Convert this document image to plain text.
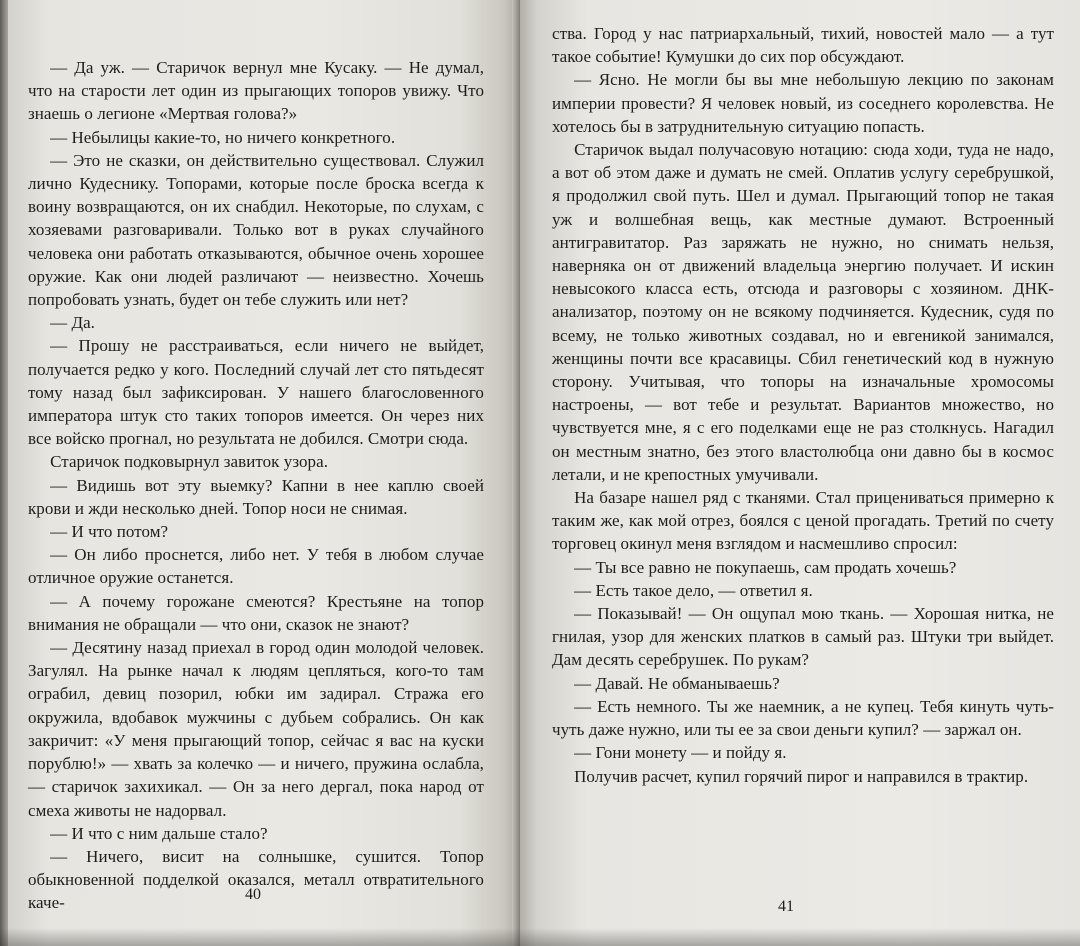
— Да уж. — Старичок вернул мне Кусаку. — Не думал, что на старости лет один из прыгающих топоров увижу. Что знаешь о легионе «Мертвая голова?»

— Небылицы какие-то, но ничего конкретного.

— Это не сказки, он действительно существовал. Служил лично Кудеснику. Топорами, которые после броска всегда к воину возвращаются, он их снабдил. Некоторые, по слухам, с хозяевами разговаривали. Только вот в руках случайного человека они работать отказываются, обычное очень хорошее оружие. Как они людей различают — неизвестно. Хочешь попробовать узнать, будет он тебе служить или нет?

— Да.

— Прошу не расстраиваться, если ничего не выйдет, получается редко у кого. Последний случай лет сто пятьдесят тому назад был зафиксирован. У нашего благословенного императора штук сто таких топоров имеется. Он через них все войско прогнал, но результата не добился. Смотри сюда.

Старичок подковырнул завиток узора.

— Видишь вот эту выемку? Капни в нее каплю своей крови и жди несколько дней. Топор носи не снимая.

— И что потом?

— Он либо проснется, либо нет. У тебя в любом случае отличное оружие останется.

— А почему горожане смеются? Крестьяне на топор внимания не обращали — что они, сказок не знают?

— Десятину назад приехал в город один молодой человек. Загулял. На рынке начал к людям цепляться, кого-то там ограбил, девиц позорил, юбки им задирал. Стража его окружила, вдобавок мужчины с дубьем собрались. Он как закричит: «У меня прыгающий топор, сейчас я вас на куски порублю!» — хвать за колечко — и ничего, пружина ослабла, — старичок захихикал. — Он за него дергал, пока народ от смеха животы не надорвал.

— И что с ним дальше стало?

— Ничего, висит на солнышке, сушится. Топор обыкновенной подделкой оказался, металл отвратительного каче-	40

ства. Город у нас патриархальный, тихий, новостей мало — а тут такое событие! Кумушки до сих пор обсуждают.

— Ясно. Не могли бы вы мне небольшую лекцию по законам империи провести? Я человек новый, из соседнего королевства. Не хотелось бы в затруднительную ситуацию попасть.

Старичок выдал получасовую нотацию: сюда ходи, туда не надо, а вот об этом даже и думать не смей. Оплатив услугу серебрушкой, я продолжил свой путь. Шел и думал. Прыгающий топор не такая уж и волшебная вещь, как местные думают. Встроенный антигравитатор. Раз заряжать не нужно, но снимать нельзя, наверняка он от движений владельца энергию получает. И искин невысокого класса есть, отсюда и разговоры с хозяином. ДНК-анализатор, поэтому он не всякому подчиняется. Кудесник, судя по всему, не только животных создавал, но и евгеникой занимался, женщины почти все красавицы. Сбил генетический код в нужную сторону. Учитывая, что топоры на изначальные хромосомы настроены, — вот тебе и результат. Вариантов множество, но чувствуется мне, я с его поделками еще не раз столкнусь. Нагадил он местным знатно, без этого властолюбца они давно бы в космос летали, и не крепостных умучивали.

На базаре нашел ряд с тканями. Стал прицениваться примерно к таким же, как мой отрез, боялся с ценой прогадать. Третий по счету торговец окинул меня взглядом и насмешливо спросил:

— Ты все равно не покупаешь, сам продать хочешь?

— Есть такое дело, — ответил я.

— Показывай! — Он ощупал мою ткань. — Хорошая нитка, не гнилая, узор для женских платков в самый раз. Штуки три выйдет. Дам десять серебрушек. По рукам?

— Давай. Не обманываешь?

— Есть немного. Ты же наемник, а не купец. Тебя кинуть чуть-чуть даже нужно, или ты ее за свои деньги купил? — заржал он.

— Гони монету — и пойду я.

Получив расчет, купил горячий пирог и направился в трактир.

41
